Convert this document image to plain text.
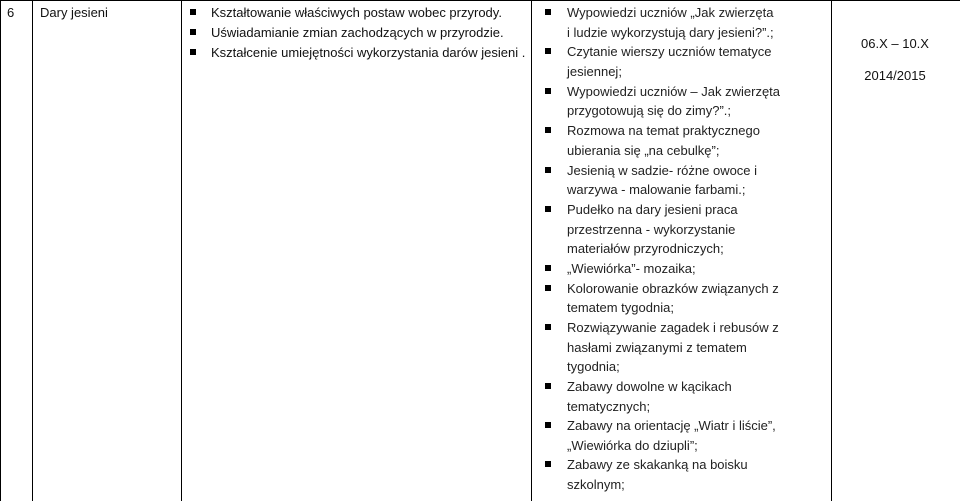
6 Dary jesieni	Kształtowanie właściwych postaw wobec przyrody.
Uświadamianie zmian zachodzących w przyrodzie.
Kształcenie umiejętności wykorzystania darów jesieni .
Wypowiedzi uczniów „Jak zwierzęta
i ludzie wykorzystują dary jesieni?”.;
Czytanie wierszy uczniów tematyce
jesiennej;
Wypowiedzi uczniów – Jak zwierzęta
przygotowują się do zimy?”.;
Rozmowa na temat praktycznego
ubierania się „na cebulkę”;
Jesienią w sadzie- różne owoce i
warzywa - malowanie farbami.;
Pudełko na dary jesieni praca
przestrzenna - wykorzystanie
materiałów przyrodniczych;
„Wiewiórka”- mozaika;
Kolorowanie obrazków związanych z
tematem tygodnia;
Rozwiązywanie zagadek i rebusów z
hasłami związanymi z tematem
tygodnia;
Zabawy dowolne w kącikach
tematycznych;
Zabawy na orientację „Wiatr i liście”,
„Wiewiórka do dziupli”;
Zabawy ze skakanką na boisku
szkolnym;
06.X – 10.X
2014/2015
